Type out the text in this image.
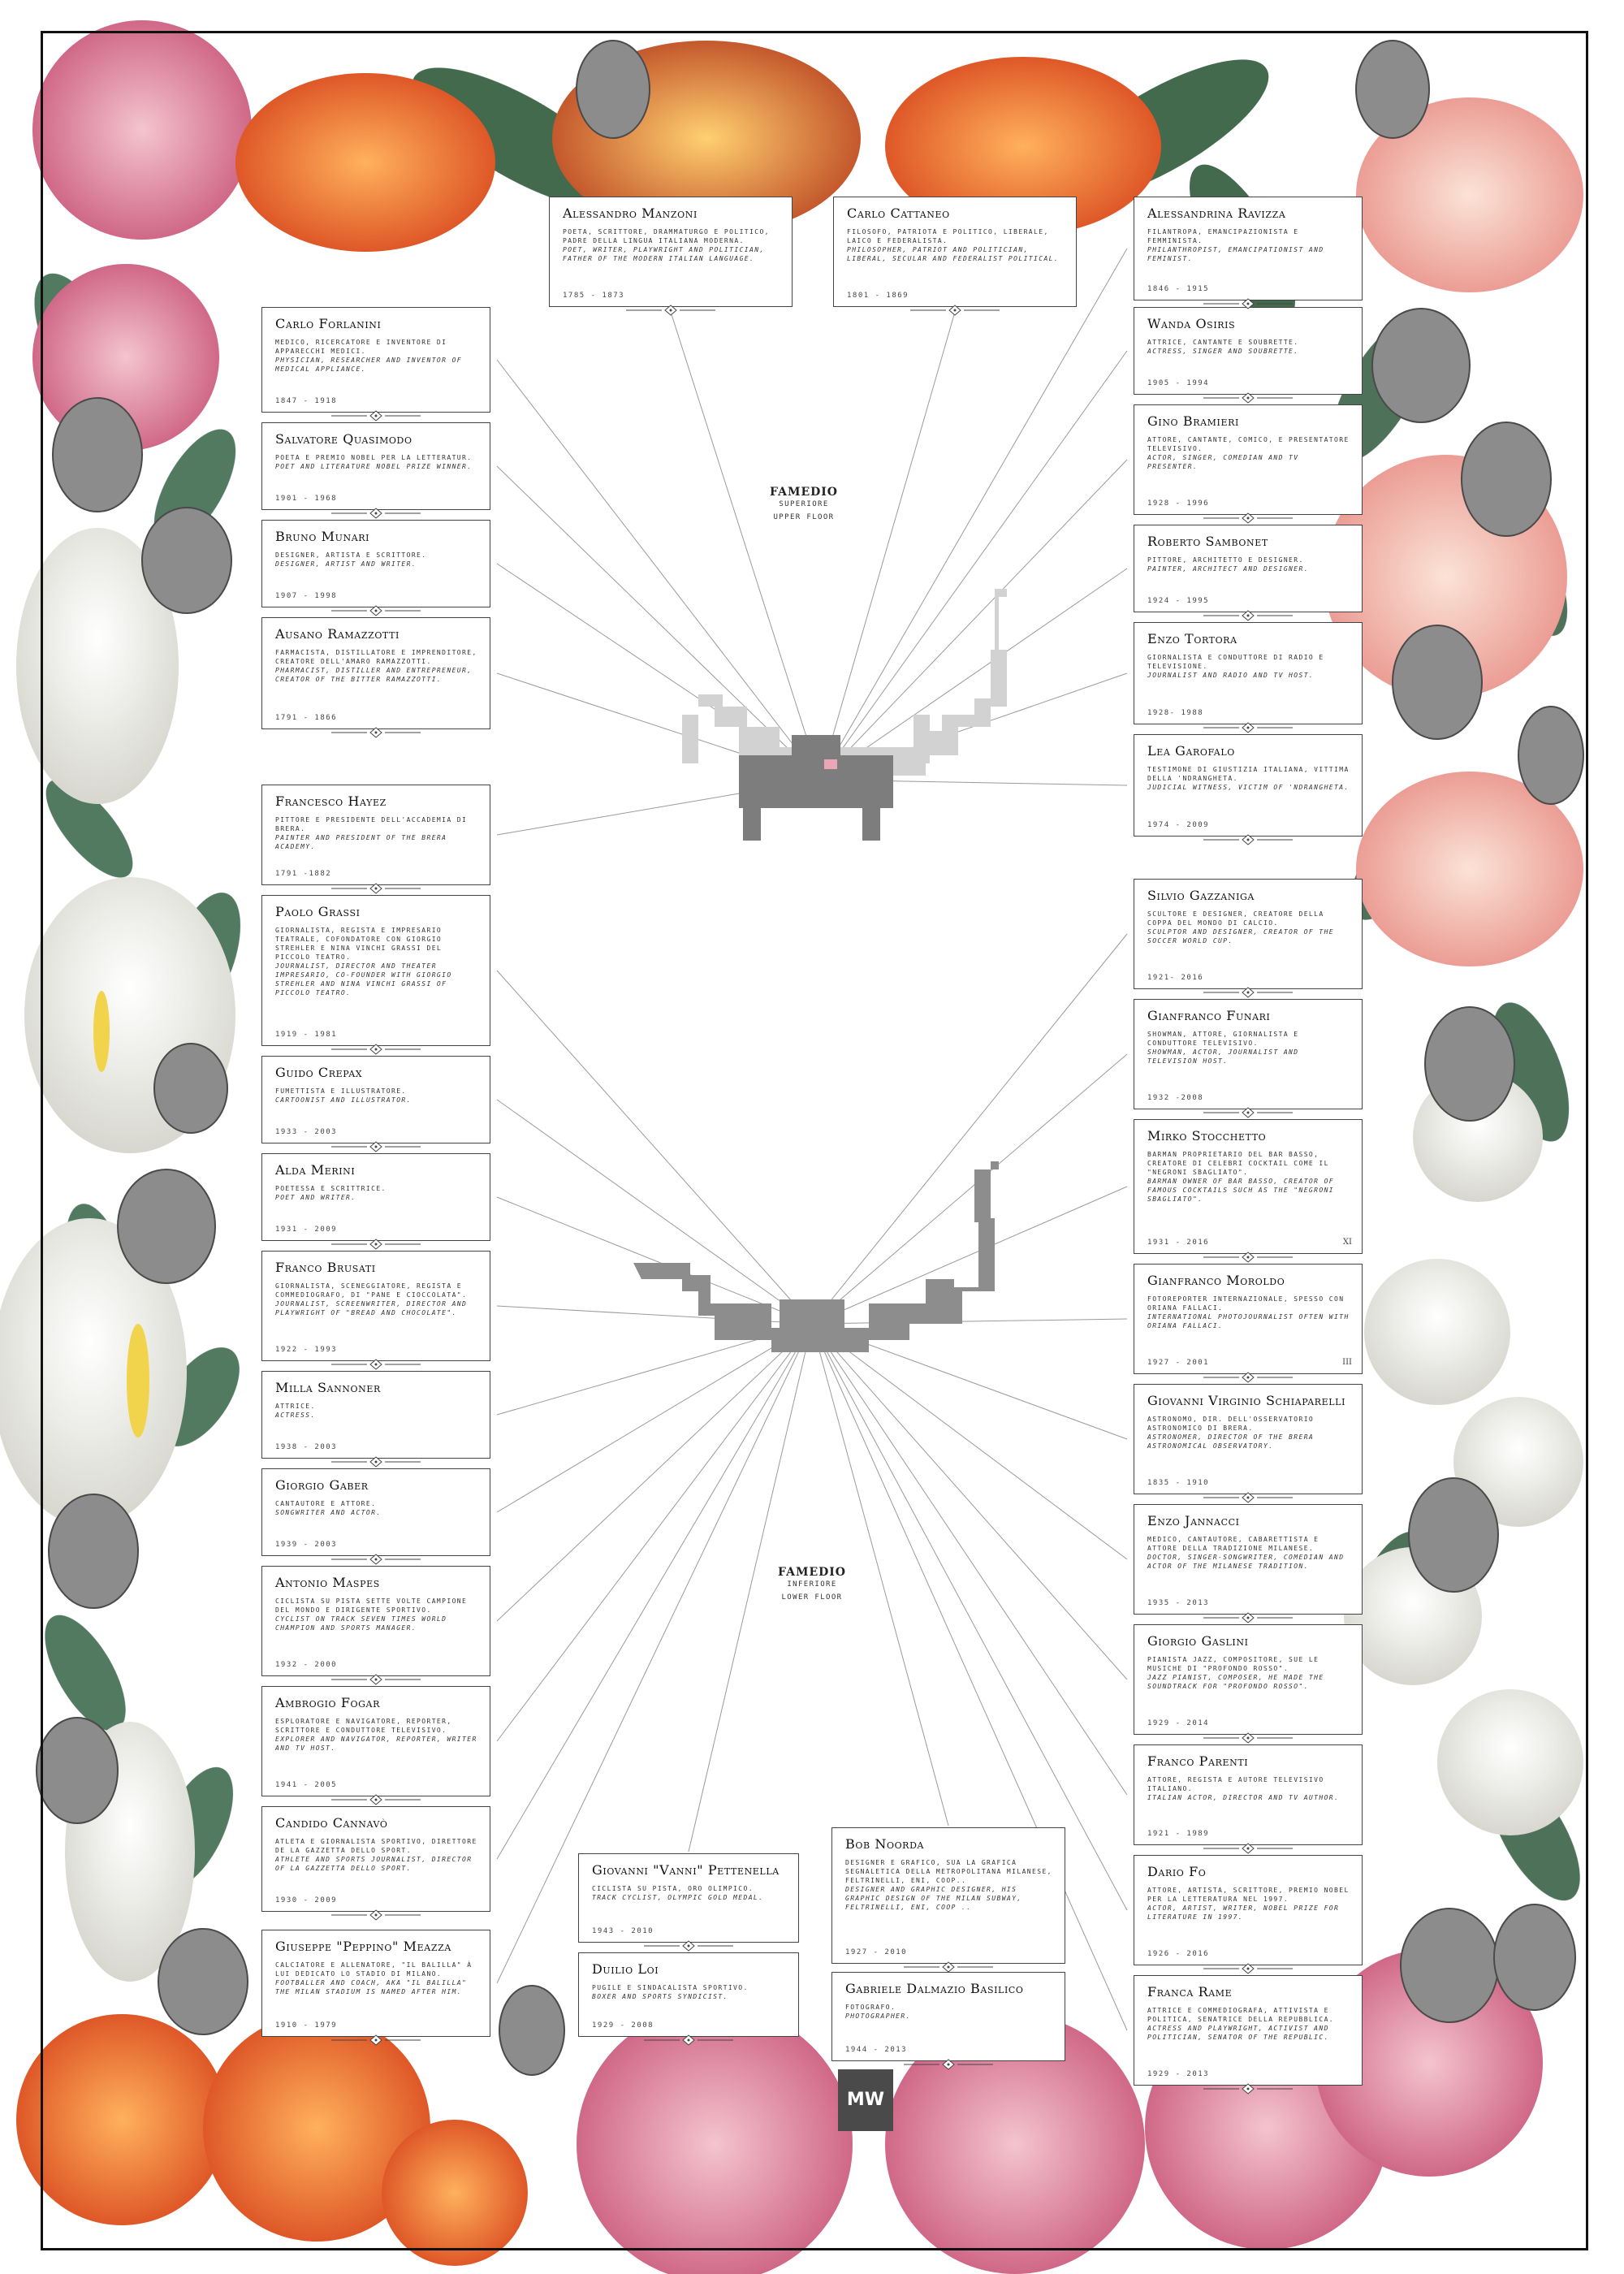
FAMEDIO
SUPERIORE
UPPER FLOOR
FAMEDIO
INFERIORE
LOWER FLOOR
Alessandro Manzoni
POETA, SCRITTORE, DRAMMATURGO E POLITICO, PADRE DELLA LINGUA ITALIANA MODERNA.
POET, WRITER, PLAYWRIGHT AND POLITICIAN, FATHER OF THE MODERN ITALIAN LANGUAGE.
1785 - 1873
Carlo Cattaneo
FILOSOFO, PATRIOTA E POLITICO, LIBERALE, LAICO E FEDERALISTA.
PHILOSOPHER, PATRIOT AND POLITICIAN, LIBERAL, SECULAR AND FEDERALIST POLITICAL.
1801 - 1869
Alessandrina Ravizza
FILANTROPA, EMANCIPAZIONISTA E FEMMINISTA.
PHILANTHROPIST, EMANCIPATIONIST AND FEMINIST.
1846 - 1915
Carlo Forlanini
MEDICO, RICERCATORE E INVENTORE DI APPARECCHI MEDICI.
PHYSICIAN, RESEARCHER AND INVENTOR OF MEDICAL APPLIANCE.
1847 - 1918
Salvatore Quasimodo
POETA E PREMIO NOBEL PER LA LETTERATUR.
POET AND LITERATURE NOBEL PRIZE WINNER.
1901 - 1968
Bruno Munari
DESIGNER, ARTISTA E SCRITTORE.
DESIGNER, ARTIST AND WRITER.
1907 - 1998
Ausano Ramazzotti
FARMACISTA, DISTILLATORE E IMPRENDITORE, CREATORE DELL'AMARO RAMAZZOTTI.
PHARMACIST, DISTILLER AND ENTREPRENEUR, CREATOR OF THE BITTER RAMAZZOTTI.
1791 - 1866
Francesco Hayez
PITTORE E PRESIDENTE DELL'ACCADEMIA DI BRERA.
PAINTER AND PRESIDENT OF THE BRERA ACADEMY.
1791 -1882
Paolo Grassi
GIORNALISTA, REGISTA E IMPRESARIO TEATRALE, COFONDATORE CON GIORGIO STREHLER E NINA VINCHI GRASSI DEL PICCOLO TEATRO.
JOURNALIST, DIRECTOR AND THEATER IMPRESARIO, CO-FOUNDER WITH GIORGIO STREHLER AND NINA VINCHI GRASSI OF PICCOLO TEATRO.
1919 - 1981
Guido Crepax
FUMETTISTA E ILLUSTRATORE.
CARTOONIST AND ILLUSTRATOR.
1933 - 2003
Alda Merini
POETESSA E SCRITTRICE.
POET AND WRITER.
1931 - 2009
Franco Brusati
GIORNALISTA, SCENEGGIATORE, REGISTA E COMMEDIOGRAFO, DI "PANE E CIOCCOLATA".
JOURNALIST, SCREENWRITER, DIRECTOR AND PLAYWRIGHT OF "BREAD AND CHOCOLATE".
1922 - 1993
Milla Sannoner
ATTRICE.
ACTRESS.
1938 - 2003
Giorgio Gaber
CANTAUTORE E ATTORE.
SONGWRITER AND ACTOR.
1939 - 2003
Antonio Maspes
CICLISTA SU PISTA SETTE VOLTE CAMPIONE DEL MONDO E DIRIGENTE SPORTIVO.
CYCLIST ON TRACK SEVEN TIMES WORLD CHAMPION AND SPORTS MANAGER.
1932 - 2000
Ambrogio Fogar
ESPLORATORE E NAVIGATORE, REPORTER, SCRITTORE E CONDUTTORE TELEVISIVO.
EXPLORER AND NAVIGATOR, REPORTER, WRITER AND TV HOST.
1941 - 2005
Candido Cannavò
ATLETA E GIORNALISTA SPORTIVO, DIRETTORE DE LA GAZZETTA DELLO SPORT.
ATHLETE AND SPORTS JOURNALIST, DIRECTOR OF LA GAZZETTA DELLO SPORT.
1930 - 2009
Giuseppe "Peppino" Meazza
CALCIATORE E ALLENATORE, "IL BALILLA" À LUI DEDICATO LO STADIO DI MILANO.
FOOTBALLER AND COACH, AKA "IL BALILLA" THE MILAN STADIUM IS NAMED AFTER HIM.
1910 - 1979
Giovanni "Vanni" Pettenella
CICLISTA SU PISTA, ORO OLIMPICO.
TRACK CYCLIST, OLYMPIC GOLD MEDAL.
1943 - 2010
Duilio Loi
PUGILE E SINDACALISTA SPORTIVO.
BOXER AND SPORTS SYNDICIST.
1929 - 2008
Bob Noorda
DESIGNER E GRAFICO, SUA LA GRAFICA SEGNALETICA DELLA METROPOLITANA MILANESE, FELTRINELLI, ENI, COOP..
DESIGNER AND GRAPHIC DESIGNER, HIS GRAPHIC DESIGN OF THE MILAN SUBWAY, FELTRINELLI, ENI, COOP ..
1927 - 2010
Gabriele Dalmazio Basilico
FOTOGRAFO.
PHOTOGRAPHER.
1944 - 2013
Wanda Osiris
ATTRICE, CANTANTE E SOUBRETTE.
ACTRESS, SINGER AND SOUBRETTE.
1905 - 1994
Gino Bramieri
ATTORE, CANTANTE, COMICO, E PRESENTATORE TELEVISIVO.
ACTOR, SINGER, COMEDIAN AND TV PRESENTER.
1928 - 1996
Roberto Sambonet
PITTORE, ARCHITETTO E DESIGNER.
PAINTER, ARCHITECT AND DESIGNER.
1924 - 1995
Enzo Tortora
GIORNALISTA E CONDUTTORE DI RADIO E TELEVISIONE.
JOURNALIST AND RADIO AND TV HOST.
1928- 1988
Lea Garofalo
TESTIMONE DI GIUSTIZIA ITALIANA, VITTIMA DELLA 'NDRANGHETA.
JUDICIAL WITNESS, VICTIM OF 'NDRANGHETA.
1974 - 2009
Silvio Gazzaniga
SCULTORE E DESIGNER, CREATORE DELLA COPPA DEL MONDO DI CALCIO.
SCULPTOR AND DESIGNER, CREATOR OF THE SOCCER WORLD CUP.
1921- 2016
Gianfranco Funari
SHOWMAN, ATTORE, GIORNALISTA E CONDUTTORE TELEVISIVO.
SHOWMAN, ACTOR, JOURNALIST AND TELEVISION HOST.
1932 -2008
Mirko Stocchetto
BARMAN PROPRIETARIO DEL BAR BASSO, CREATORE DI CELEBRI COCKTAIL COME IL "NEGRONI SBAGLIATO".
BARMAN OWNER OF BAR BASSO, CREATOR OF FAMOUS COCKTAILS SUCH AS THE "NEGRONI SBAGLIATO".
1931 - 2016	XI
Gianfranco Moroldo
FOTOREPORTER INTERNAZIONALE, SPESSO CON ORIANA FALLACI.
INTERNATIONAL PHOTOJOURNALIST OFTEN WITH ORIANA FALLACI.
1927 - 2001	III
Giovanni Virginio Schiaparelli
ASTRONOMO, DIR. DELL'OSSERVATORIO ASTRONOMICO DI BRERA.
ASTRONOMER, DIRECTOR OF THE BRERA ASTRONOMICAL OBSERVATORY.
1835 - 1910
Enzo Jannacci
MEDICO, CANTAUTORE, CABARETTISTA E ATTORE DELLA TRADIZIONE MILANESE.
DOCTOR, SINGER-SONGWRITER, COMEDIAN AND ACTOR OF THE MILANESE TRADITION.
1935 - 2013
Giorgio Gaslini
PIANISTA JAZZ, COMPOSITORE, SUE LE MUSICHE DI "PROFONDO ROSSO".
JAZZ PIANIST, COMPOSER, HE MADE THE SOUNDTRACK FOR "PROFONDO ROSSO".
1929 - 2014
Franco Parenti
ATTORE, REGISTA E AUTORE TELEVISIVO ITALIANO.
ITALIAN ACTOR, DIRECTOR AND TV AUTHOR.
1921 - 1989
Dario Fo
ATTORE, ARTISTA, SCRITTORE, PREMIO NOBEL PER LA LETTERATURA NEL 1997.
ACTOR, ARTIST, WRITER, NOBEL PRIZE FOR LITERATURE IN 1997.
1926 - 2016
Franca Rame
ATTRICE E COMMEDIOGRAFA, ATTIVISTA E POLITICA, SENATRICE DELLA REPUBBLICA.
ACTRESS AND PLAYWRIGHT, ACTIVIST AND POLITICIAN, SENATOR OF THE REPUBLIC.
1929 - 2013
MW
